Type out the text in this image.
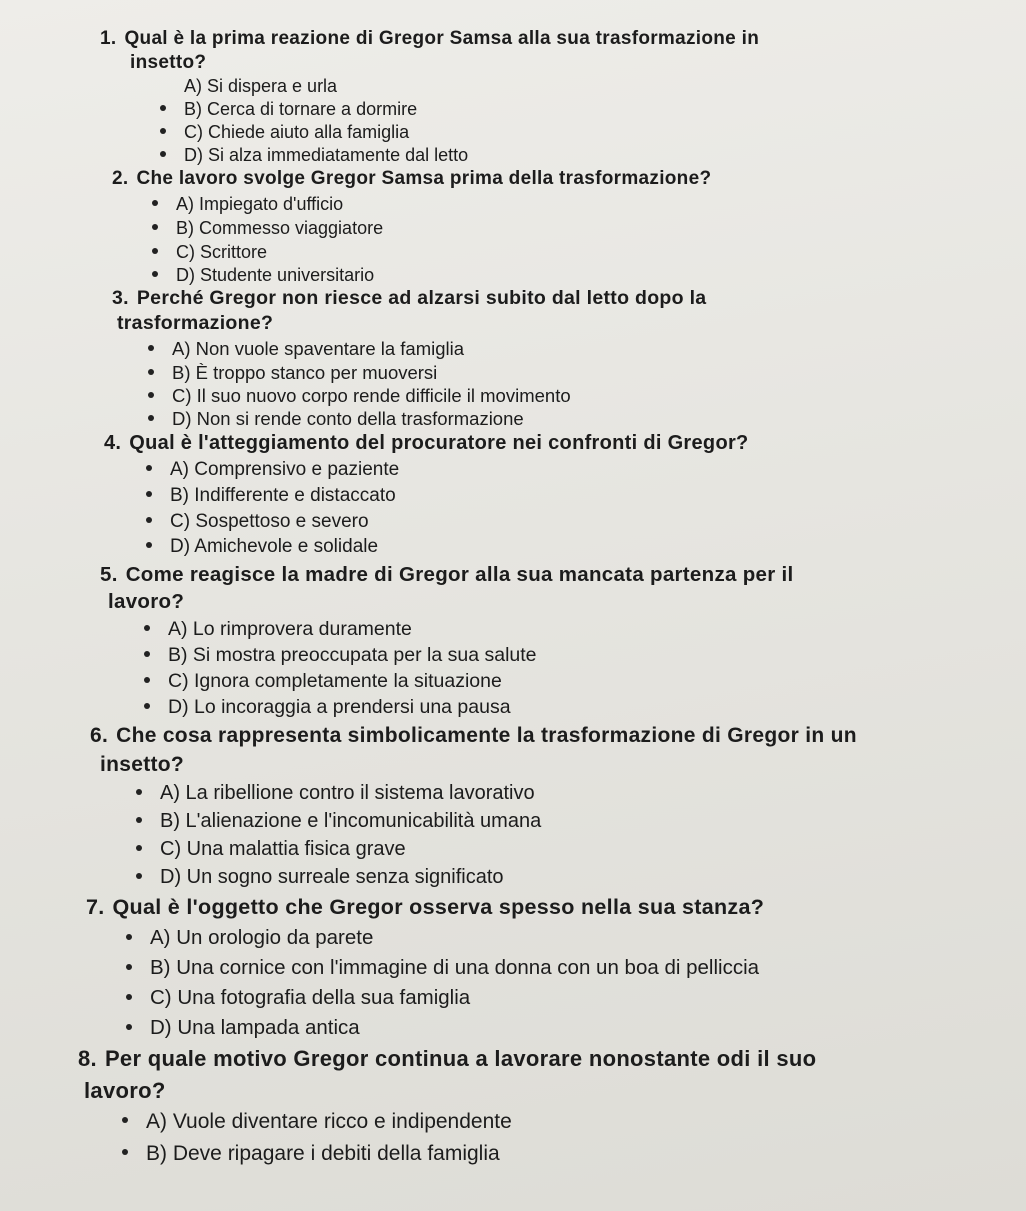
1. Qual è la prima reazione di Gregor Samsa alla sua trasformazione in
insetto?
A) Si dispera e urla
B) Cerca di tornare a dormire
C) Chiede aiuto alla famiglia
D) Si alza immediatamente dal letto
2. Che lavoro svolge Gregor Samsa prima della trasformazione?
A) Impiegato d'ufficio
B) Commesso viaggiatore
C) Scrittore
D) Studente universitario
3. Perché Gregor non riesce ad alzarsi subito dal letto dopo la
trasformazione?
A) Non vuole spaventare la famiglia
B) È troppo stanco per muoversi
C) Il suo nuovo corpo rende difficile il movimento
D) Non si rende conto della trasformazione
4. Qual è l'atteggiamento del procuratore nei confronti di Gregor?
A) Comprensivo e paziente
B) Indifferente e distaccato
C) Sospettoso e severo
D) Amichevole e solidale
5. Come reagisce la madre di Gregor alla sua mancata partenza per il
lavoro?
A) Lo rimprovera duramente
B) Si mostra preoccupata per la sua salute
C) Ignora completamente la situazione
D) Lo incoraggia a prendersi una pausa
6. Che cosa rappresenta simbolicamente la trasformazione di Gregor in un
insetto?
A) La ribellione contro il sistema lavorativo
B) L'alienazione e l'incomunicabilità umana
C) Una malattia fisica grave
D) Un sogno surreale senza significato
7. Qual è l'oggetto che Gregor osserva spesso nella sua stanza?
A) Un orologio da parete
B) Una cornice con l'immagine di una donna con un boa di pelliccia
C) Una fotografia della sua famiglia
D) Una lampada antica
8. Per quale motivo Gregor continua a lavorare nonostante odi il suo
lavoro?
A) Vuole diventare ricco e indipendente
B) Deve ripagare i debiti della famiglia
